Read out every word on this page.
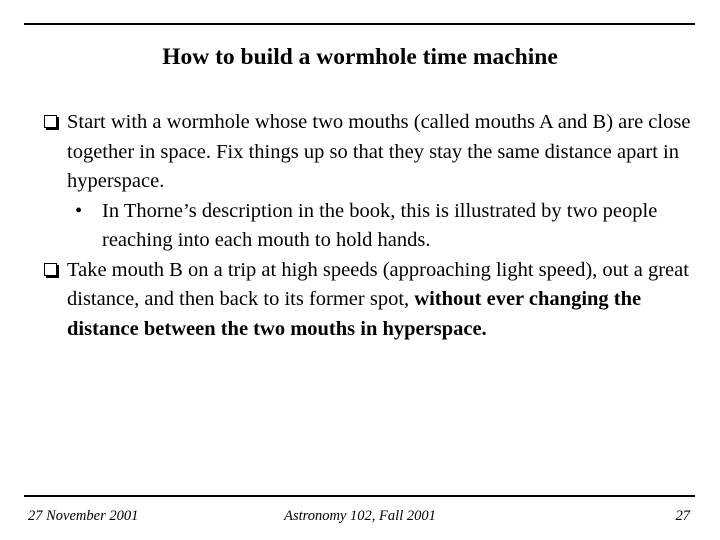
How to build a wormhole time machine
Start with a wormhole whose two mouths (called mouths A and B) are close together in space. Fix things up so that they stay the same distance apart in hyperspace.
• In Thorne’s description in the book, this is illustrated by two people reaching into each mouth to hold hands.
Take mouth B on a trip at high speeds (approaching light speed), out a great distance, and then back to its former spot, without ever changing the distance between the two mouths in hyperspace.
27 November 2001	Astronomy 102, Fall 2001	27
